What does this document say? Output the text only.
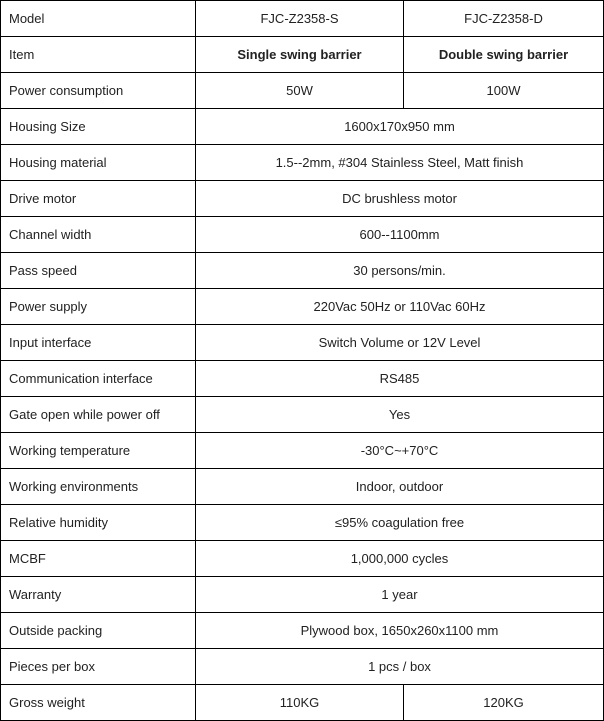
Model	FJC-Z2358-S	FJC-Z2358-D
Item	Single swing barrier	Double swing barrier
Power consumption	50W	100W
Housing Size	1600x170x950 mm	
Housing material	1.5--2mm, #304 Stainless Steel, Matt finish	
Drive motor	DC brushless motor	
Channel width	600--1100mm	
Pass speed	30 persons/min.	
Power supply	220Vac 50Hz or 110Vac 60Hz	
Input interface	Switch Volume or 12V Level	
Communication interface	RS485	
Gate open while power off	Yes	
Working temperature	-30°C~+70°C	
Working environments	Indoor, outdoor	
Relative humidity	≤95% coagulation free	
MCBF	1,000,000 cycles	
Warranty	1 year	
Outside packing	Plywood box, 1650x260x1100 mm	
Pieces per box	1 pcs / box	
Gross weight	110KG	120KG
